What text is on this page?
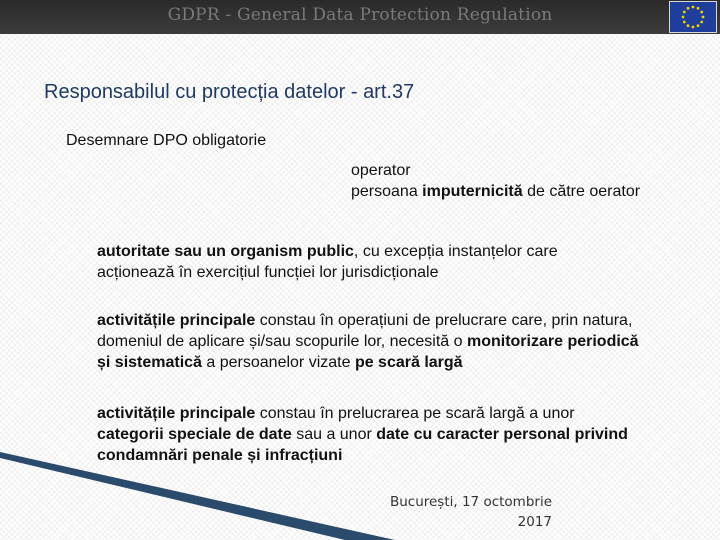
GDPR - General Data Protection Regulation
Responsabilul cu protecția datelor - art.37
Desemnare DPO obligatorie
operator
persoana imputernicită de către oerator
autoritate sau un organism public, cu excepția instanțelor care
acționează în exercițiul funcției lor jurisdicționale
activitățile principale constau în operațiuni de prelucrare care, prin natura,
domeniul de aplicare și/sau scopurile lor, necesită o monitorizare periodică
și sistematică a persoanelor vizate pe scară largă
activitățile principale constau în prelucrarea pe scară largă a unor
categorii speciale de date sau a unor date cu caracter personal privind
condamnări penale și infracțiuni
București, 17 octombrie
2017
